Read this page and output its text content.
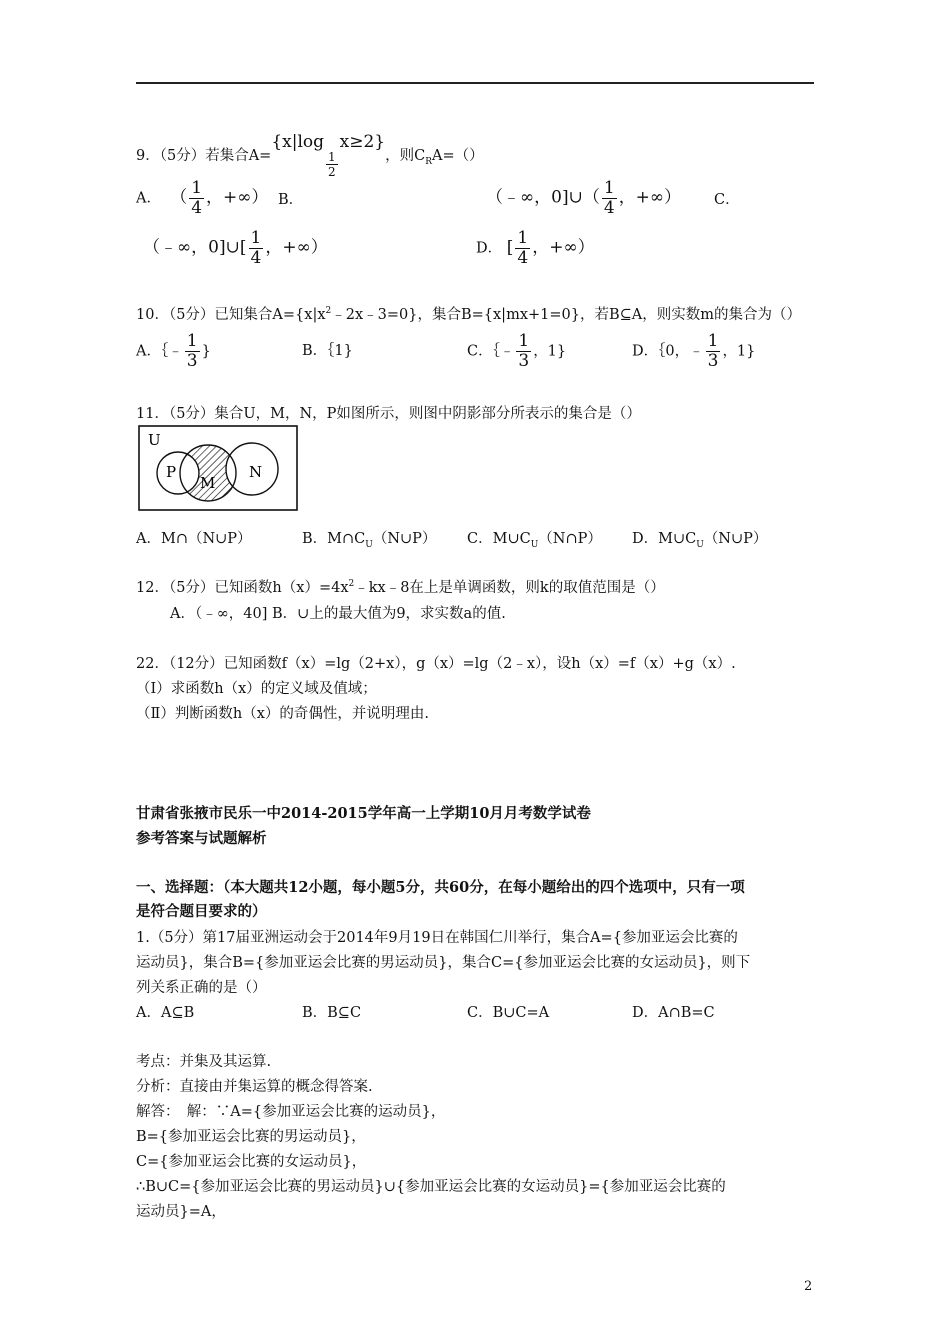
9．（5分）若集合A={x|log
$\frac{1}{2}$
x≥2}，则$C_RA=()$
A． （ $\frac{1}{4}$ ，+∞） B．	（﹣∞，0]∪（ $\frac{1}{4}$ ，+∞） C．
（﹣∞，0]∪[ $\frac{1}{4}$ ，+∞）	D． [ $\frac{1}{4}$ ，+∞）
10．（5分）已知集合$A=\{x|x^2﹣2x﹣3=0\}$，集合B={x|mx+1=0}，若B⊆A，则实数m的集合为（）
A．｛﹣ $\frac{1}{3}$ }	B．｛1}	C．｛﹣ $\frac{1}{3}$ ，1}	D．｛0，﹣ $\frac{1}{3}$ ，1}
11．（5分）集合U，M，N，P如图所示，则图中阴影部分所表示的集合是（）
U
P
M
N
A．M∩（N∪P）	B．$M\cap C_U(N\cup P)$ C．$M\cup C_U(N\cap P)$ D．$M\cup C_U(N\cup P)$
12．（5分）已知函数$h(x)=4x^2﹣kx﹣8$在上是单调函数，则k的取值范围是（）
A．（﹣∞，40] B．∪上的最大值为9，求实数a的值.
22．（12分）已知函数f（x）=lg（2+x），g（x）=lg（2﹣x），设h（x）=f（x）+g（x）.
（Ⅰ）求函数h（x）的定义域及值域；
（Ⅱ）判断函数h（x）的奇偶性，并说明理由.
甘肃省张掖市民乐一中2014-2015学年高一上学期10月月考数学试卷
参考答案与试题解析
一、选择题：（本大题共12小题，每小题5分，共60分，在每小题给出的四个选项中，只有一项
是符合题目要求的）
1.（5分）第17届亚洲运动会于2014年9月19日在韩国仁川举行，集合A={参加亚运会比赛的
运动员}，集合B={参加亚运会比赛的男运动员}，集合C={参加亚运会比赛的女运动员}，则下
列关系正确的是（）
A．A⊆B	B．B⊆C	C．B∪C=A	D．A∩B=C
考点：并集及其运算.
分析：直接由并集运算的概念得答案.
解答：　解：∵A={参加亚运会比赛的运动员}，
B={参加亚运会比赛的男运动员}，
C={参加亚运会比赛的女运动员}，
∴B∪C={参加亚运会比赛的男运动员}∪{参加亚运会比赛的女运动员}={参加亚运会比赛的
运动员}=A，
2
